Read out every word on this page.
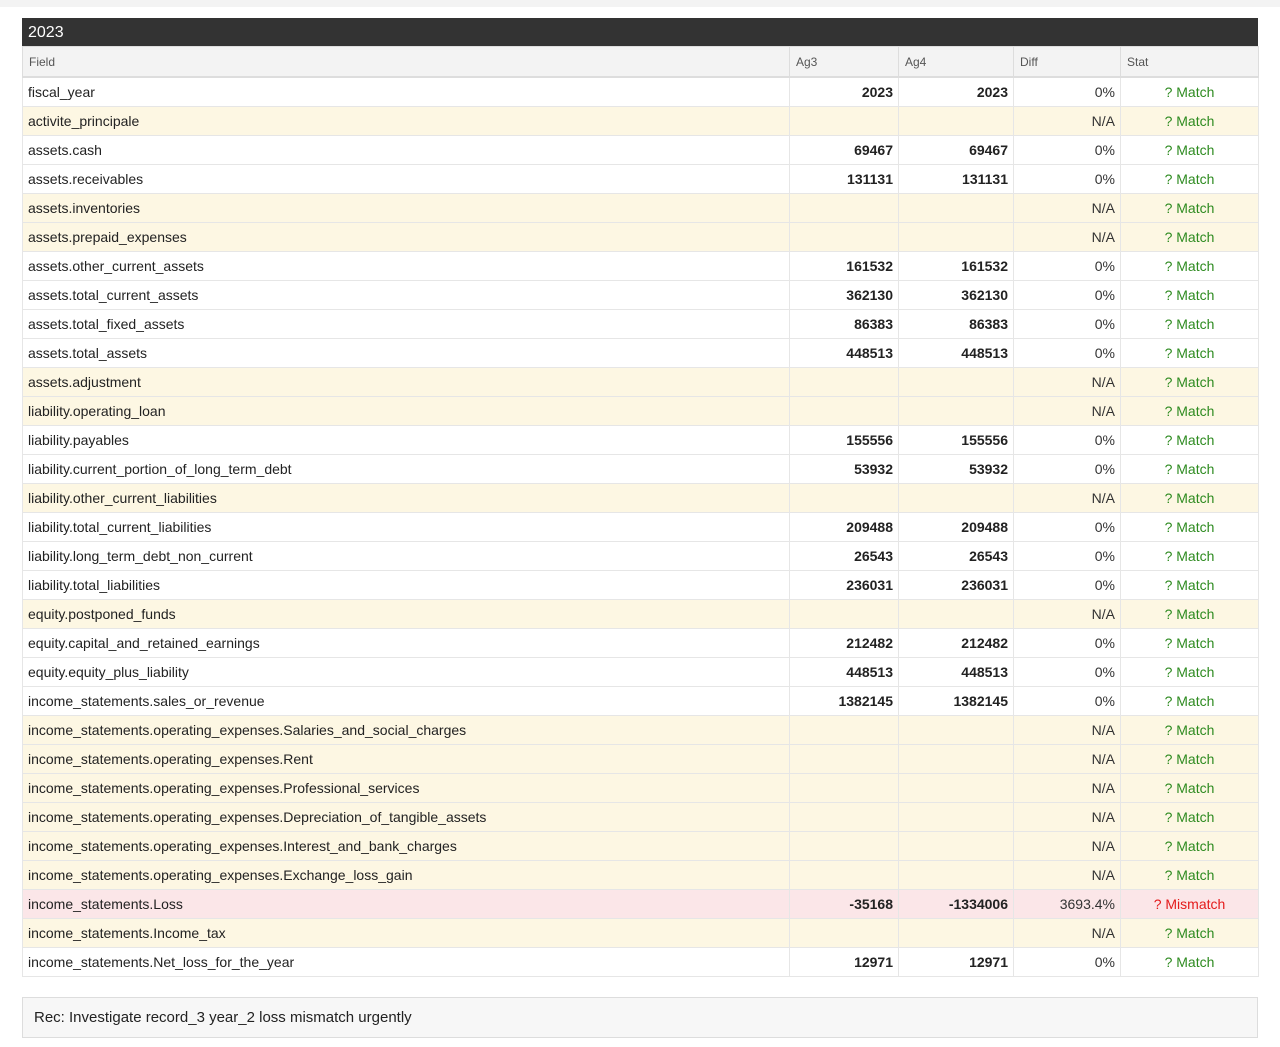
2023
Field	Ag3	Ag4	Diff	Stat
fiscal_year	2023	2023	0%	? Match
activite_principale			N/A	? Match
assets.cash	69467	69467	0%	? Match
assets.receivables	131131	131131	0%	? Match
assets.inventories			N/A	? Match
assets.prepaid_expenses			N/A	? Match
assets.other_current_assets	161532	161532	0%	? Match
assets.total_current_assets	362130	362130	0%	? Match
assets.total_fixed_assets	86383	86383	0%	? Match
assets.total_assets	448513	448513	0%	? Match
assets.adjustment			N/A	? Match
liability.operating_loan			N/A	? Match
liability.payables	155556	155556	0%	? Match
liability.current_portion_of_long_term_debt	53932	53932	0%	? Match
liability.other_current_liabilities			N/A	? Match
liability.total_current_liabilities	209488	209488	0%	? Match
liability.long_term_debt_non_current	26543	26543	0%	? Match
liability.total_liabilities	236031	236031	0%	? Match
equity.postponed_funds			N/A	? Match
equity.capital_and_retained_earnings	212482	212482	0%	? Match
equity.equity_plus_liability	448513	448513	0%	? Match
income_statements.sales_or_revenue	1382145	1382145	0%	? Match
income_statements.operating_expenses.Salaries_and_social_charges			N/A	? Match
income_statements.operating_expenses.Rent			N/A	? Match
income_statements.operating_expenses.Professional_services			N/A	? Match
income_statements.operating_expenses.Depreciation_of_tangible_assets			N/A	? Match
income_statements.operating_expenses.Interest_and_bank_charges			N/A	? Match
income_statements.operating_expenses.Exchange_loss_gain			N/A	? Match
income_statements.Loss	-35168	-1334006	3693.4%	? Mismatch
income_statements.Income_tax			N/A	? Match
income_statements.Net_loss_for_the_year	12971	12971	0%	? Match
Rec: Investigate record_3 year_2 loss mismatch urgently
